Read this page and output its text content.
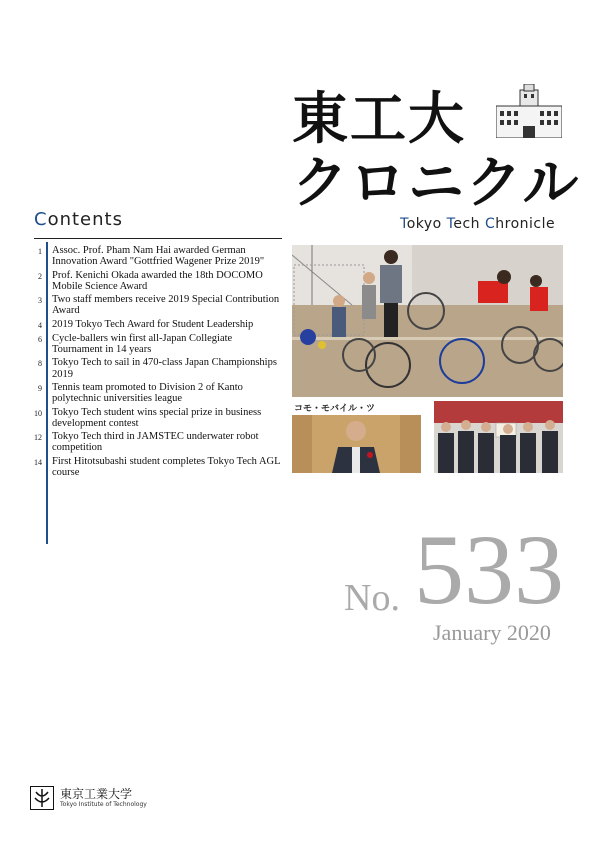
東工大
クロニクル
Tokyo Tech Chronicle
Contents
1 Assoc. Prof. Pham Nam Hai awarded German Innovation Award "Gottfried Wagener Prize 2019"
2 Prof. Kenichi Okada awarded the 18th DOCOMO Mobile Science Award
3 Two staff members receive 2019 Special Contribution Award
4 2019 Tokyo Tech Award for Student Leadership
6 Cycle-ballers win first all-Japan Collegiate Tournament in 14 years
8 Tokyo Tech to sail in 470-class Japan Championships 2019
9 Tennis team promoted to Division 2 of Kanto polytechnic universities league
10 Tokyo Tech student wins special prize in business development contest
12 Tokyo Tech third in JAMSTEC underwater robot competition
14 First Hitotsubashi student completes Tokyo Tech AGL course
コモ・モバイル・ツ
No. 533
January 2020
東京工業大学
Tokyo Institute of Technology
